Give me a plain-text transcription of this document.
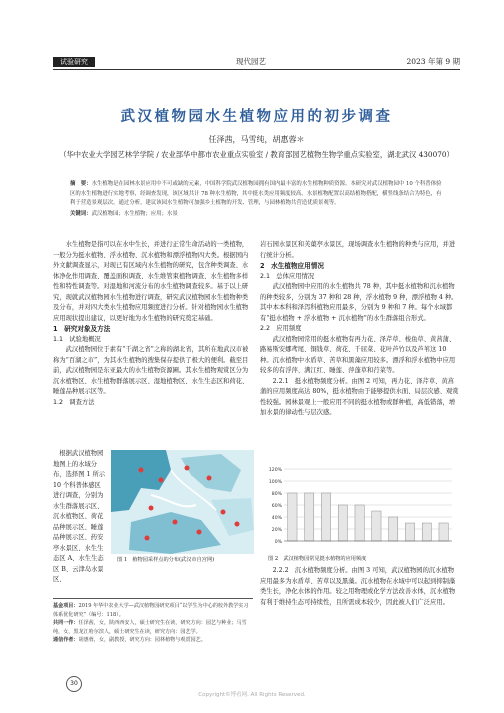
试验研究	现代园艺	2023 年第 9 期
武汉植物园水生植物应用的初步调查
任泽茜，马雪纯，胡惠蓉＊
（华中农业大学园艺林学学院 / 农业部华中都市农业重点实验室 / 教育部园艺植物生物学重点实验室，湖北武汉 430070）
摘　要：水生植物是在园林水景应用中不可或缺的元素，中国科学院武汉植物园拥有国内最丰富的水生植物种质资源。本研究对武汉植物园中 10 个科普体验区的水生植物进行实地考察，经调查发现，该区域共计 78 种水生植物，其中挺水类应用频度较高，水景植物配置以高结植物搭配，横竖线条结合为特色，有利于营造景观层次。通过分析，建议该园水生植物可加强乡土植物的开发、管理，与园林植物共营造优质景观等。
关键词：武汉植物园；水生植物；应用；水景

水生植物是指可以在水中生长，并进行正常生命活动的一类植物，一般分为挺水植物、浮水植物、沉水植物和漂浮植物四大类。根据国内外文献调查显示，对现已有区域内水生植物的研究，包含种类调查、水体净化作用调查、覆盖面积调查、水生维管束植物调查、水生植物多样性和特性调查等。对湿地和河流分布的水生植物调查较多。基于以上研究，现就武汉植物园水生植物进行调查，研究武汉植物园水生植物种类及分布，并对四大类水生植物应用频度进行分析。针对植物园水生植物应用现状提出建议，以更好地为水生植物的研究奠定基础。

1　研究对象及方法
1.1　试验地概况

武汉植物园位于素有“千湖之省”之称的湖北省，其所在地武汉市被称为“百湖之市”，为其水生植物的搜集保存提供了极大的便利。截至目前，武汉植物园是东亚最大的水生植物资源圃。其水生植物观赏区分为沉水植物区、水生植物群落展示区、湿地植物区、水生生态区和荷花、睡莲品种展示区等。

1.2　调查方法

根据武汉植物园地图上的水域分布，选择图 1 所示 10 个科普体感区进行调查，分别为水生群落展示区、沉水植物区、荷花品种展示区、睡莲品种展示区、药安亭水景区、水生生态区 A、水生生态区 B、云津岛水景区、

图 1　植物园采样点的分布(武汉市自宫网)
基金项目：2019 年华中农业大学—武汉植物园研究项目“以学生为中心的校外教学实习体系优化研究”（编号：118）。
共同一作：任泽茜，女，陕西西安人，硕士研究生在读，研究方向：园艺与种业；马雪纯，女，黑龙江哈尔滨人，硕士研究生在读，研究方向：园艺学。
通信作者：胡惠蓉，女，副教授，研究方向：园林植物与观赏园艺。
30

岩石园水景区和芙蕖亭水景区，现场调查水生植物的种类与应用，并进行统计分析。

2　水生植物应用情况
2.1　总体应用情况

武汉植物园中应用的水生植物共 78 种，其中挺水植物和沉水植物的种类较多，分别为 37 种和 28 种，浮水植物 9 种，漂浮植物 4 种。其中本本科和泽泻科植物应用最多，分别为 9 种和 7 种。每个水域都有“挺水植物 + 浮水植物 + 沉水植物”的水生群落组合形式。

2.2　应用频度

武汉植物园常用的挺水植物有再力花、泽芹草、梭鱼草、黄菖蒲、路易斯安娜鸢尾、铜钱草、荷花、千屈菜、花叶芦竹以及芦苇这 10 种。沉水植物中水盾草、苦草和黑藻应用较多。漂浮和浮水植物中应用较多的有浮萍、满江红、睡莲、萍蓬草和荇菜等。

2.2.1　挺水植物频度分析。由图 2 可知，再力花、泽芹草、黄菖蒲的应用频度高达 80%，挺水植物由于能够提供水面、局层次感、观赏性较强。园林景观上一般应用不同的挺水植物或群种植，高低错落，增加水景的律动性与层次感。

0%
20%
40%
60%
80%
100%
120%
图 2　武汉植物园常见挺水植物的应用频度

2.2.2　沉水植物频度分析。由图 3 可知，武汉植物园的沉水植物应用最多为水盾草、苦草以及黑藻。沉水植物在水域中可以起到抑制藻类生长，净化水体的作用。较之用物理或化学方法改善水体，沉水植物有利于维持生态可持续性，且所需成本较少，因此被人们广泛应用。

Copyright©博看网. All Rights Reserved.
